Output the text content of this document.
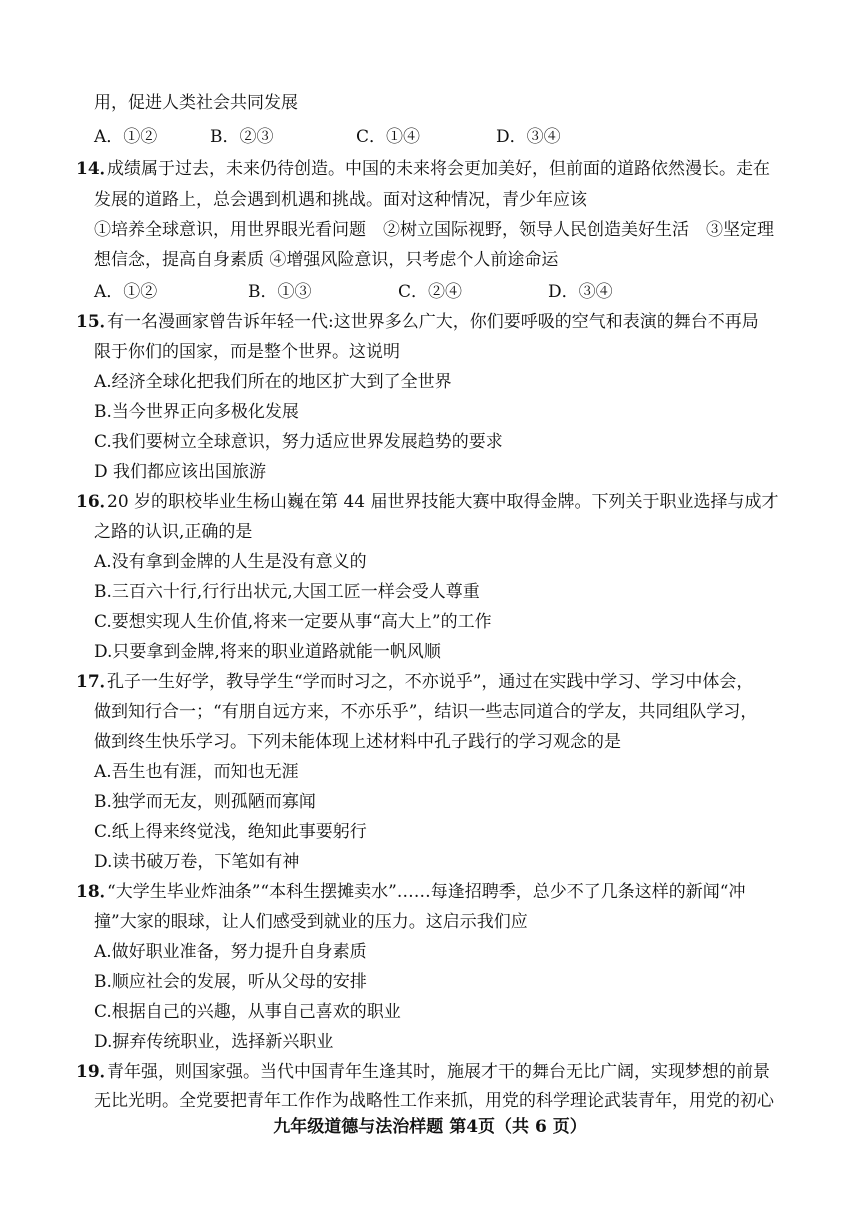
用，促进人类社会共同发展
A．①②	B．②③	C．①④	D．③④
14．
成绩属于过去，未来仍待创造。中国的未来将会更加美好，但前面的道路依然漫长。走在
发展的道路上，总会遇到机遇和挑战。面对这种情况，青少年应该
①培养全球意识，用世界眼光看问题　②树立国际视野，领导人民创造美好生活　③坚定理
想信念，提高自身素质 ④增强风险意识，只考虑个人前途命运
A．①②	B．①③	C．②④	D．③④
15．
有一名漫画家曾告诉年轻一代:这世界多么广大，你们要呼吸的空气和表演的舞台不再局
限于你们的国家，而是整个世界。这说明
A.经济全球化把我们所在的地区扩大到了全世界
B.当今世界正向多极化发展
C.我们要树立全球意识，努力适应世界发展趋势的要求
D 我们都应该出国旅游
16．
20 岁的职校毕业生杨山巍在第 44 届世界技能大赛中取得金牌。下列关于职业选择与成才
之路的认识,正确的是
A.没有拿到金牌的人生是没有意义的
B.三百六十行,行行出状元,大国工匠一样会受人尊重
C.要想实现人生价值,将来一定要从事“高大上”的工作
D.只要拿到金牌,将来的职业道路就能一帆风顺
17．
孔子一生好学，教导学生“学而时习之，不亦说乎”，通过在实践中学习、学习中体会，
做到知行合一；“有朋自远方来，不亦乐乎”，结识一些志同道合的学友，共同组队学习，
做到终生快乐学习。下列未能体现上述材料中孔子践行的学习观念的是
A.吾生也有涯，而知也无涯
B.独学而无友，则孤陋而寡闻
C.纸上得来终觉浅，绝知此事要躬行
D.读书破万卷，下笔如有神
18．
“大学生毕业炸油条”“本科生摆摊卖水”……每逢招聘季，总少不了几条这样的新闻“冲
撞”大家的眼球，让人们感受到就业的压力。这启示我们应
A.做好职业准备，努力提升自身素质
B.顺应社会的发展，听从父母的安排
C.根据自己的兴趣，从事自己喜欢的职业
D.摒弃传统职业，选择新兴职业
19．
青年强，则国家强。当代中国青年生逢其时，施展才干的舞台无比广阔，实现梦想的前景
无比光明。全党要把青年工作作为战略性工作来抓，用党的科学理论武装青年，用党的初心
九年级道德与法治样题 第4页（共 6 页）
